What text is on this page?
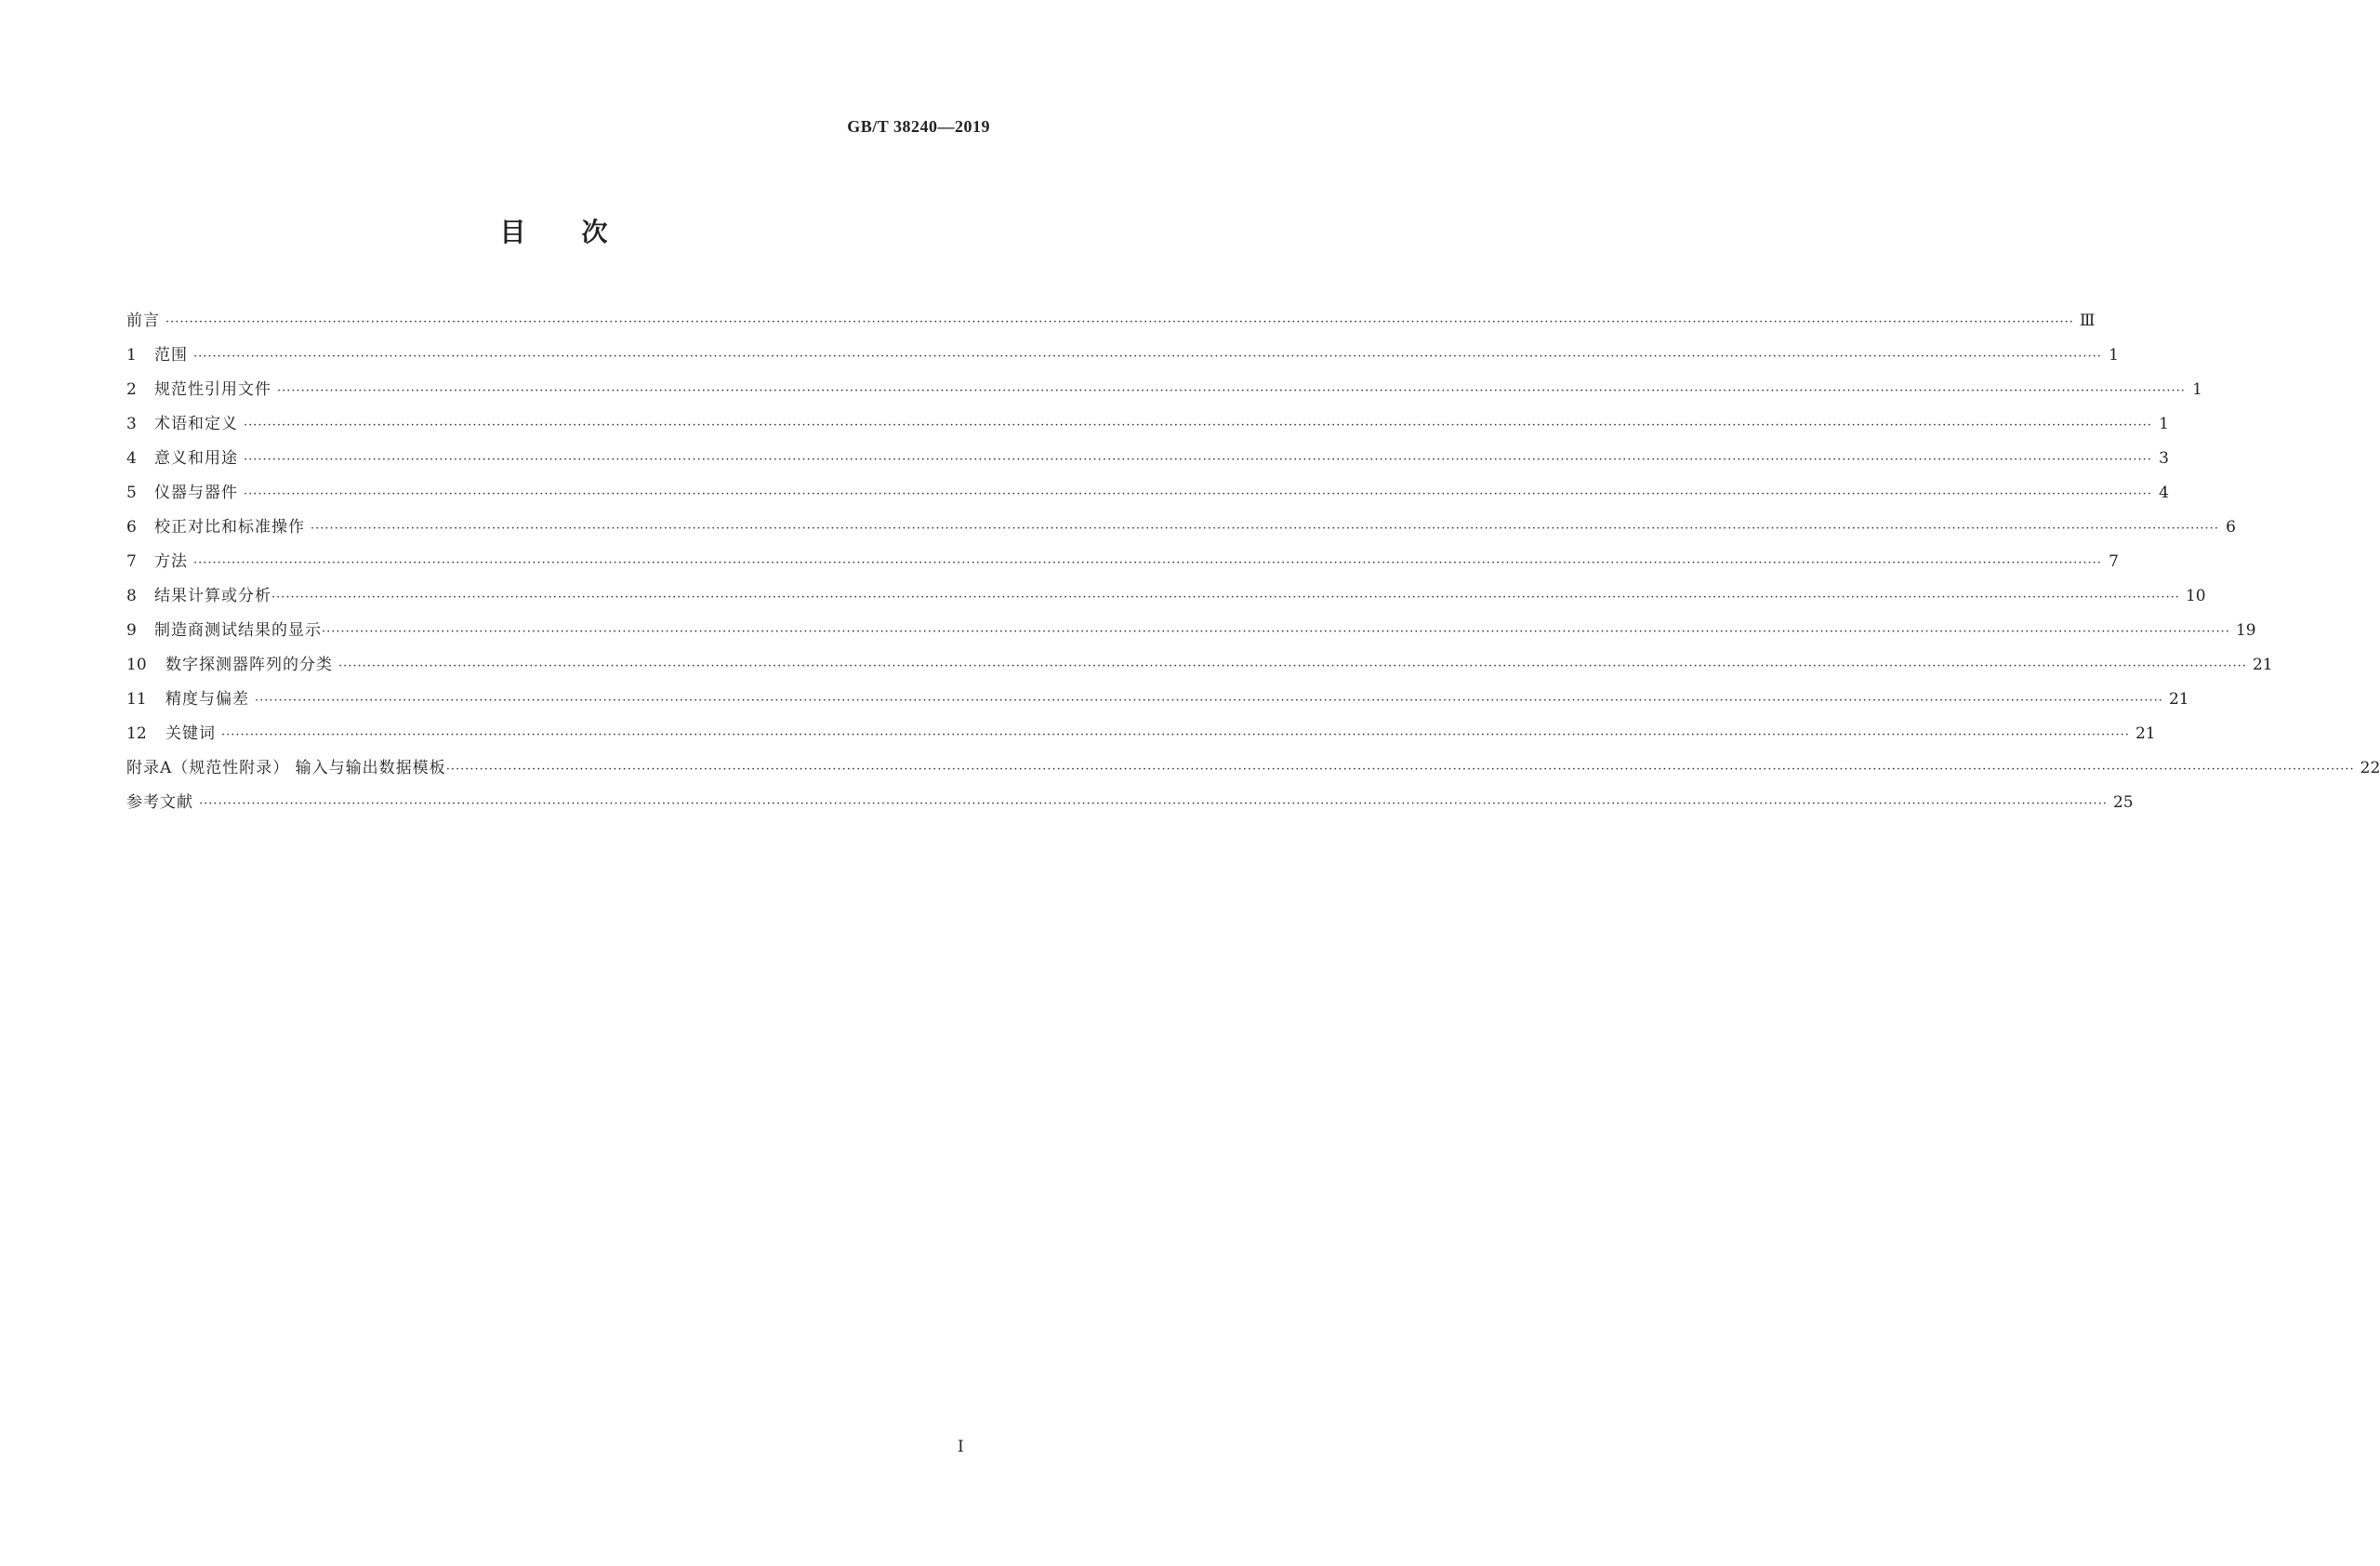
GB/T 38240—2019
目次
前言 ················································································································································································································································································································································································································ Ⅲ
1	范围 ················································································································································································································································································································································································································ 1
2	规范性引用文件 ················································································································································································································································································································································································································ 1
3	术语和定义 ················································································································································································································································································································································································································ 1
4	意义和用途 ················································································································································································································································································································································································································ 3
5	仪器与器件 ················································································································································································································································································································································································································ 4
6	校正对比和标准操作 ················································································································································································································································································································································································································ 6
7	方法 ················································································································································································································································································································································································································ 7
8	结果计算或分析 ················································································································································································································································································································································································································ 10
9	制造商测试结果的显示 ················································································································································································································································································································································································································ 19
10	数字探测器阵列的分类 ················································································································································································································································································································································································································ 21
11	精度与偏差 ················································································································································································································································································································································································································ 21
12	关键词 ················································································································································································································································································································································································································ 21
附录A（规范性附录） 输入与输出数据模板 ················································································································································································································································································································································································································ 22
参考文献 ················································································································································································································································································································································································································ 25
I
